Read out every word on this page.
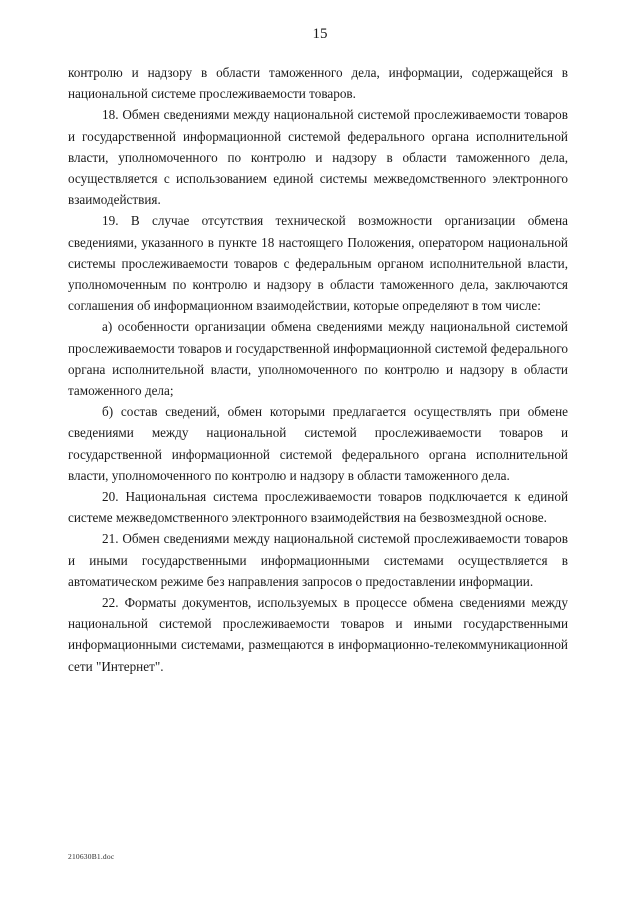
15

контролю и надзору в области таможенного дела, информации, содержащейся в национальной системе прослеживаемости товаров.

18. Обмен сведениями между национальной системой прослеживаемости товаров и государственной информационной системой федерального органа исполнительной власти, уполномоченного по контролю и надзору в области таможенного дела, осуществляется с использованием единой системы межведомственного электронного взаимодействия.

19. В случае отсутствия технической возможности организации обмена сведениями, указанного в пункте 18 настоящего Положения, оператором национальной системы прослеживаемости товаров с федеральным органом исполнительной власти, уполномоченным по контролю и надзору в области таможенного дела, заключаются соглашения об информационном взаимодействии, которые определяют в том числе:

а) особенности организации обмена сведениями между национальной системой прослеживаемости товаров и государственной информационной системой федерального органа исполнительной власти, уполномоченного по контролю и надзору в области таможенного дела;

б) состав сведений, обмен которыми предлагается осуществлять при обмене сведениями между национальной системой прослеживаемости товаров и государственной информационной системой федерального органа исполнительной власти, уполномоченного по контролю и надзору в области таможенного дела.

20. Национальная система прослеживаемости товаров подключается к единой системе межведомственного электронного взаимодействия на безвозмездной основе.

21. Обмен сведениями между национальной системой прослеживаемости товаров и иными государственными информационными системами осуществляется в автоматическом режиме без направления запросов о предоставлении информации.

22. Форматы документов, используемых в процессе обмена сведениями между национальной системой прослеживаемости товаров и иными государственными информационными системами, размещаются в информационно-телекоммуникационной сети "Интернет".

210630B1.doc
